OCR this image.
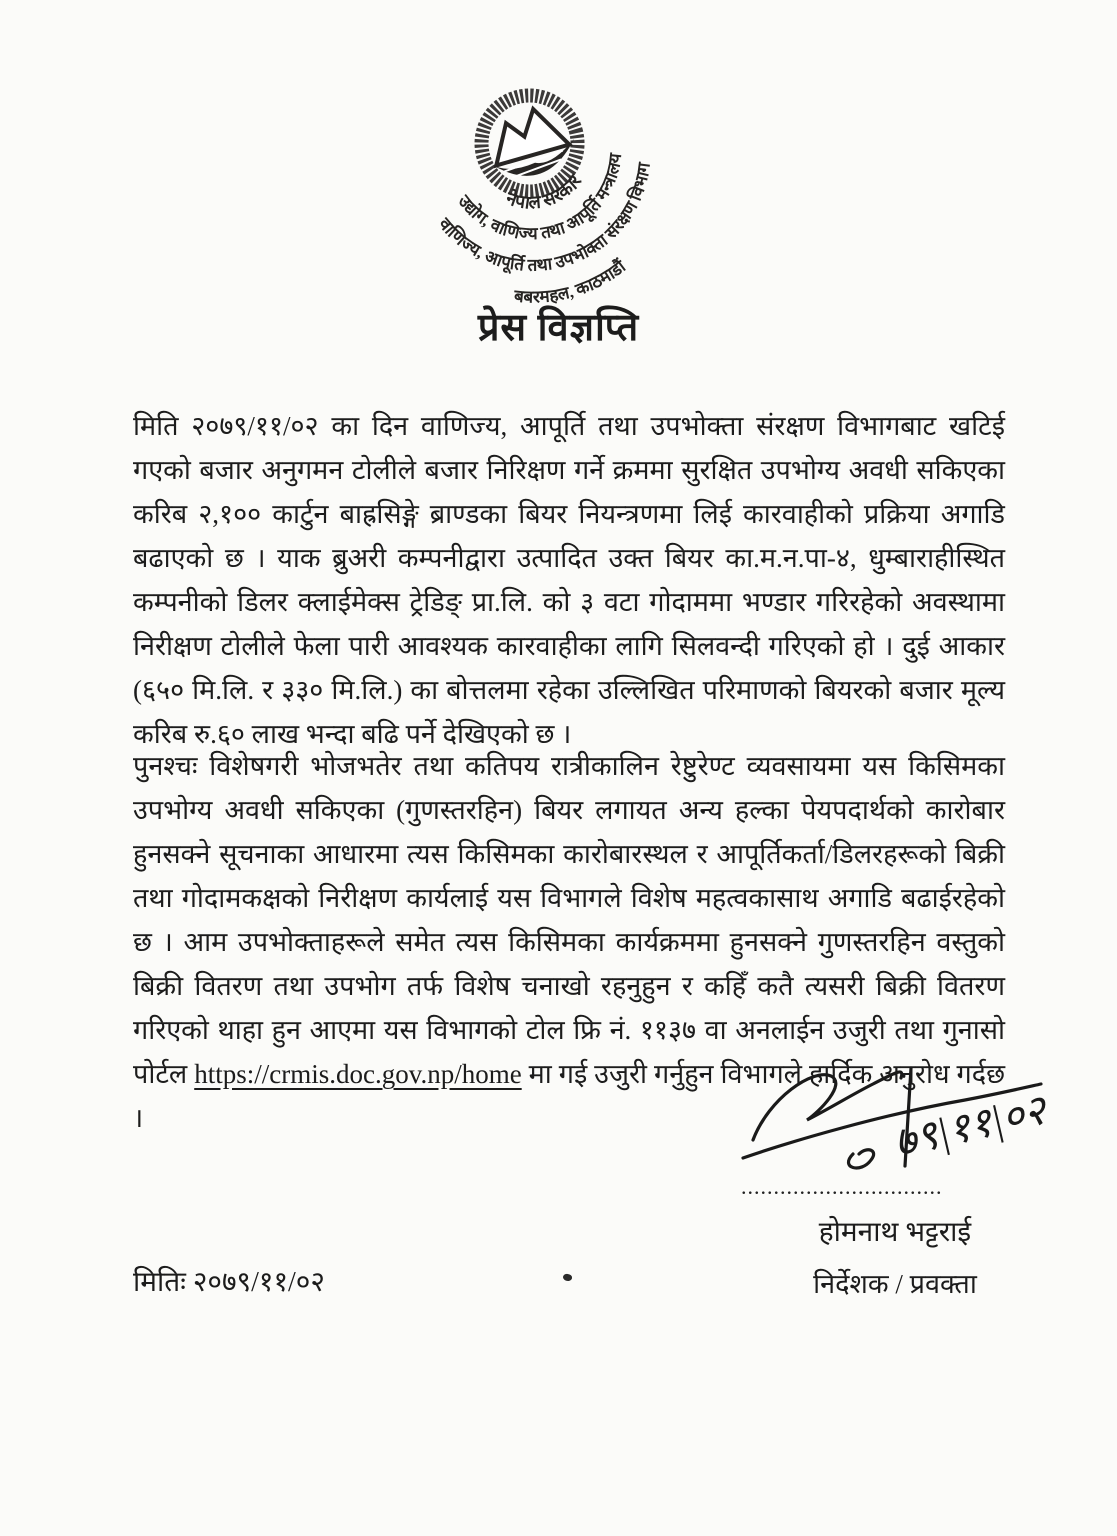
नेपाल सरकार
उद्योग, वाणिज्य तथा आपूर्ति मन्त्रालय
वाणिज्य, आपूर्ति तथा उपभोक्ता संरक्षण विभाग
बबरमहल, काठमाडौं
प्रेस विज्ञप्ति

मिति २०७९/११/०२ का दिन वाणिज्य, आपूर्ति तथा उपभोक्ता संरक्षण विभागबाट खटिई गएको बजार अनुगमन टोलीले बजार निरिक्षण गर्ने क्रममा सुरक्षित उपभोग्य अवधी सकिएका करिब २,१०० कार्टुन बाह्रसिङ्गे ब्राण्डका बियर नियन्त्रणमा लिई कारवाहीको प्रक्रिया अगाडि बढाएको छ । याक ब्रुअरी कम्पनीद्वारा उत्पादित उक्त बियर का.म.न.पा-४, धुम्बाराहीस्थित कम्पनीको डिलर क्लाईमेक्स ट्रेडिङ् प्रा.लि. को ३ वटा गोदाममा भण्डार गरिरहेको अवस्थामा निरीक्षण टोलीले फेला पारी आवश्यक कारवाहीका लागि सिलवन्दी गरिएको हो । दुई आकार (६५० मि.लि. र ३३० मि.लि.) का बोत्तलमा रहेका उल्लिखित परिमाणको बियरको बजार मूल्य करिब रु.६० लाख भन्दा बढि पर्ने देखिएको छ ।

पुनश्चः विशेषगरी भोजभतेर तथा कतिपय रात्रीकालिन रेष्टुरेण्ट व्यवसायमा यस किसिमका उपभोग्य अवधी सकिएका (गुणस्तरहिन) बियर लगायत अन्य हल्का पेयपदार्थको कारोबार हुनसक्ने सूचनाका आधारमा त्यस किसिमका कारोबारस्थल र आपूर्तिकर्ता/डिलरहरूको बिक्री तथा गोदामकक्षको निरीक्षण कार्यलाई यस विभागले विशेष महत्वकासाथ अगाडि बढाईरहेको छ । आम उपभोक्ताहरूले समेत त्यस किसिमका कार्यक्रममा हुनसक्ने गुणस्तरहिन वस्तुको बिक्री वितरण तथा उपभोग तर्फ विशेष चनाखो रहनुहुन र कहिँ कतै त्यसरी बिक्री वितरण गरिएको थाहा हुन आएमा यस विभागको टोल फ्रि नं. ११३७ वा अनलाईन उजुरी तथा गुनासो पोर्टल https://crmis.doc.gov.np/home मा गई उजुरी गर्नुहुन विभागले हार्दिक अनुरोध गर्दछ ।	७९|११|०२
...............................
होमनाथ भट्टराई
निर्देशक / प्रवक्ता
मितिः २०७९/११/०२
